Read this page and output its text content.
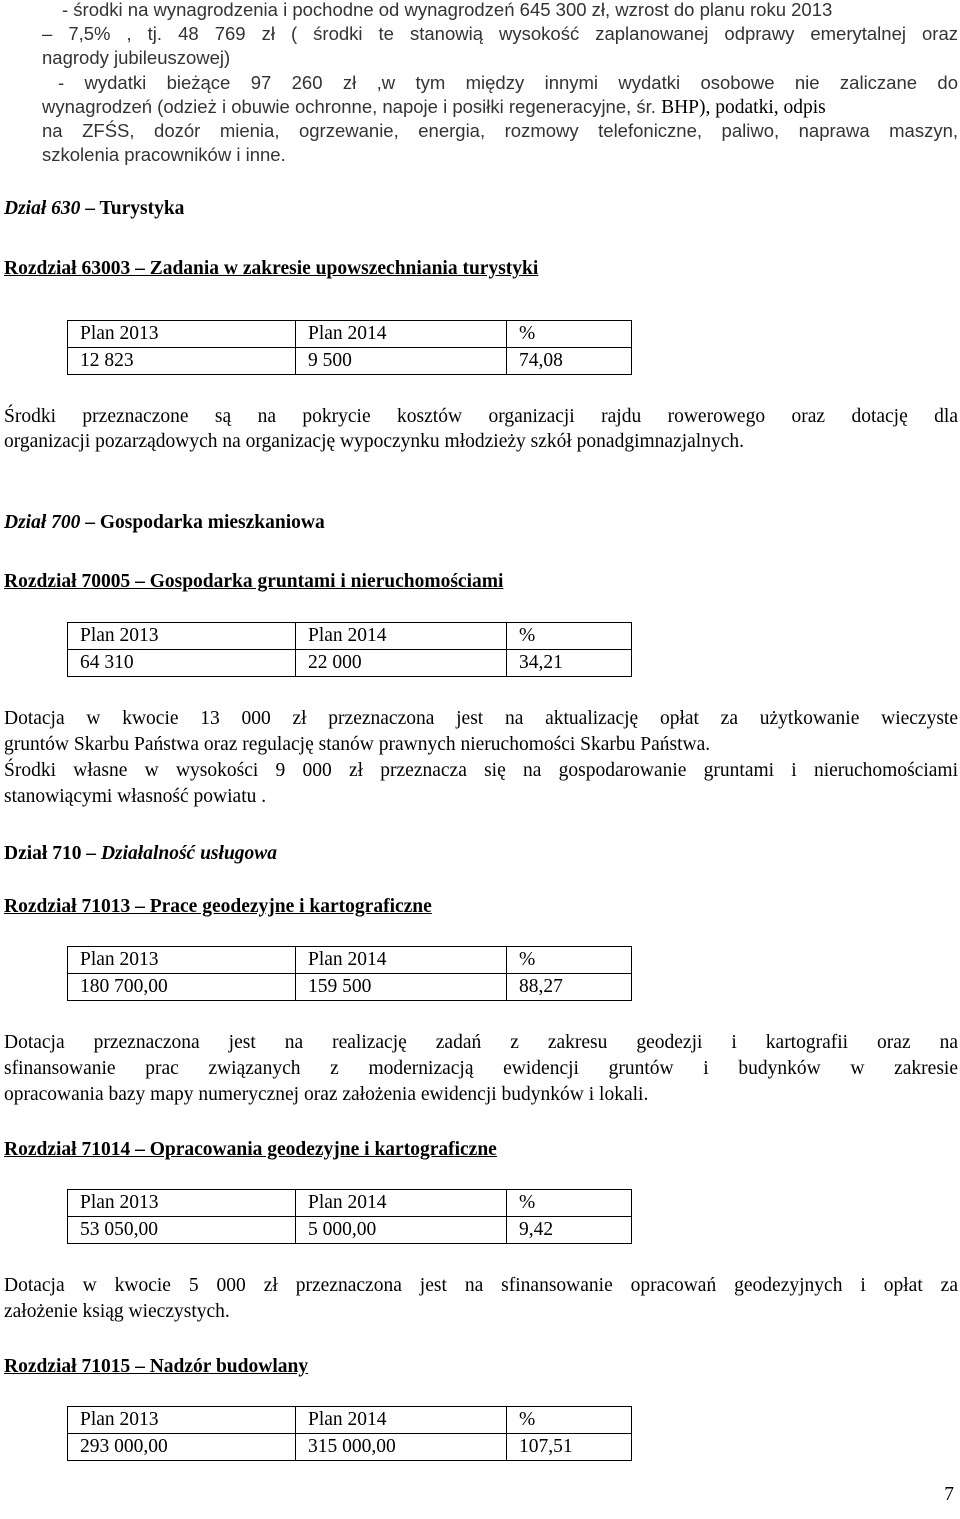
- środki na wynagrodzenia i pochodne od wynagrodzeń 645 300 zł, wzrost do planu roku 2013
– 7,5% , tj. 48 769 zł ( środki te stanowią wysokość zaplanowanej odprawy emerytalnej oraz
nagrody jubileuszowej)
- wydatki bieżące 97 260 zł ,w tym między innymi wydatki osobowe nie zaliczane do
wynagrodzeń (odzież i obuwie ochronne, napoje i posiłki regeneracyjne, śr. BHP), podatki, odpis
na ZFŚS, dozór mienia, ogrzewanie, energia, rozmowy telefoniczne, paliwo, naprawa maszyn,
szkolenia pracowników i inne.
Dział 630 – Turystyka
Rozdział 63003 – Zadania w zakresie upowszechniania turystyki
Plan 2013	Plan 2014	%
12 823	9 500	74,08
Środki przeznaczone są na pokrycie kosztów organizacji rajdu rowerowego oraz dotację dla
organizacji pozarządowych na organizację wypoczynku młodzieży szkół ponadgimnazjalnych.
Dział 700 – Gospodarka mieszkaniowa
Rozdział 70005 – Gospodarka gruntami i nieruchomościami
Plan 2013	Plan 2014	%
64 310	22 000	34,21
Dotacja w kwocie 13 000 zł przeznaczona jest na aktualizację opłat za użytkowanie wieczyste
gruntów Skarbu Państwa oraz regulację stanów prawnych nieruchomości Skarbu Państwa.
Środki własne w wysokości 9 000 zł przeznacza się na gospodarowanie gruntami i nieruchomościami
stanowiącymi własność powiatu .
Dział 710 – Działalność usługowa
Rozdział 71013 – Prace geodezyjne i kartograficzne
Plan 2013	Plan 2014	%
180 700,00	159 500	88,27
Dotacja przeznaczona jest na realizację zadań z zakresu geodezji i kartografii oraz na
sfinansowanie prac związanych z modernizacją ewidencji gruntów i budynków w zakresie
opracowania bazy mapy numerycznej oraz założenia ewidencji budynków i lokali.
Rozdział 71014 – Opracowania geodezyjne i kartograficzne
Plan 2013	Plan 2014	%
53 050,00	5 000,00	9,42
Dotacja w kwocie 5 000 zł przeznaczona jest na sfinansowanie opracowań geodezyjnych i opłat za
założenie ksiąg wieczystych.
Rozdział 71015 – Nadzór budowlany
Plan 2013	Plan 2014	%
293 000,00	315 000,00	107,51
7
